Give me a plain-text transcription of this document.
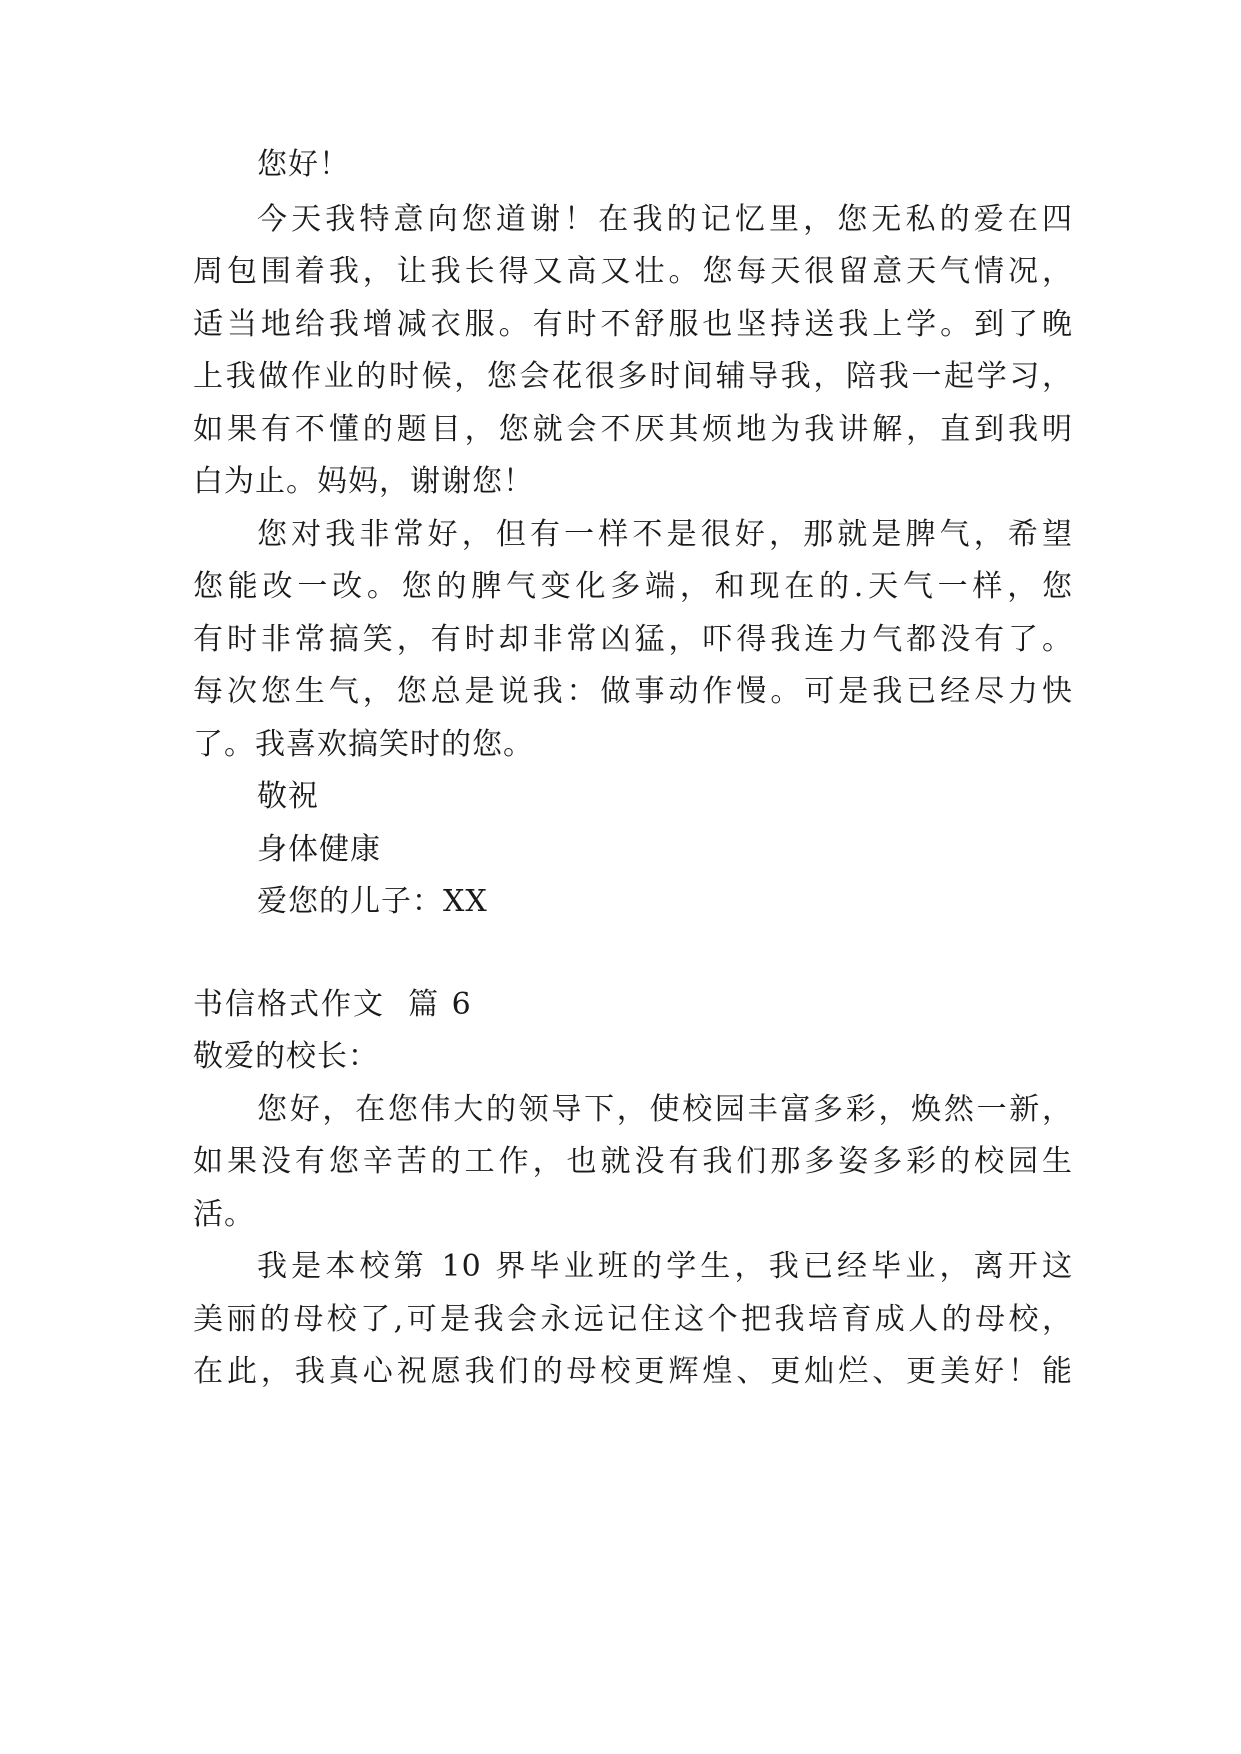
您好！
今天我特意向您道谢！在我的记忆里，您无私的爱在四
周包围着我，让我长得又高又壮。您每天很留意天气情况，
适当地给我增减衣服。有时不舒服也坚持送我上学。到了晚
上我做作业的时候，您会花很多时间辅导我，陪我一起学习，
如果有不懂的题目，您就会不厌其烦地为我讲解，直到我明
白为止。妈妈，谢谢您！
您对我非常好，但有一样不是很好，那就是脾气，希望
您能改一改。您的脾气变化多端，和现在的.天气一样，您
有时非常搞笑，有时却非常凶猛，吓得我连力气都没有了。
每次您生气，您总是说我：做事动作慢。可是我已经尽力快
了。我喜欢搞笑时的您。
敬祝
身体健康
爱您的儿子：XX
书信格式作文  篇 6
敬爱的校长：
您好，在您伟大的领导下，使校园丰富多彩，焕然一新，
如果没有您辛苦的工作，也就没有我们那多姿多彩的校园生
活。
我是本校第 10 界毕业班的学生，我已经毕业，离开这
美丽的母校了,可是我会永远记住这个把我培育成人的母校，
在此，我真心祝愿我们的母校更辉煌、更灿烂、更美好！能
